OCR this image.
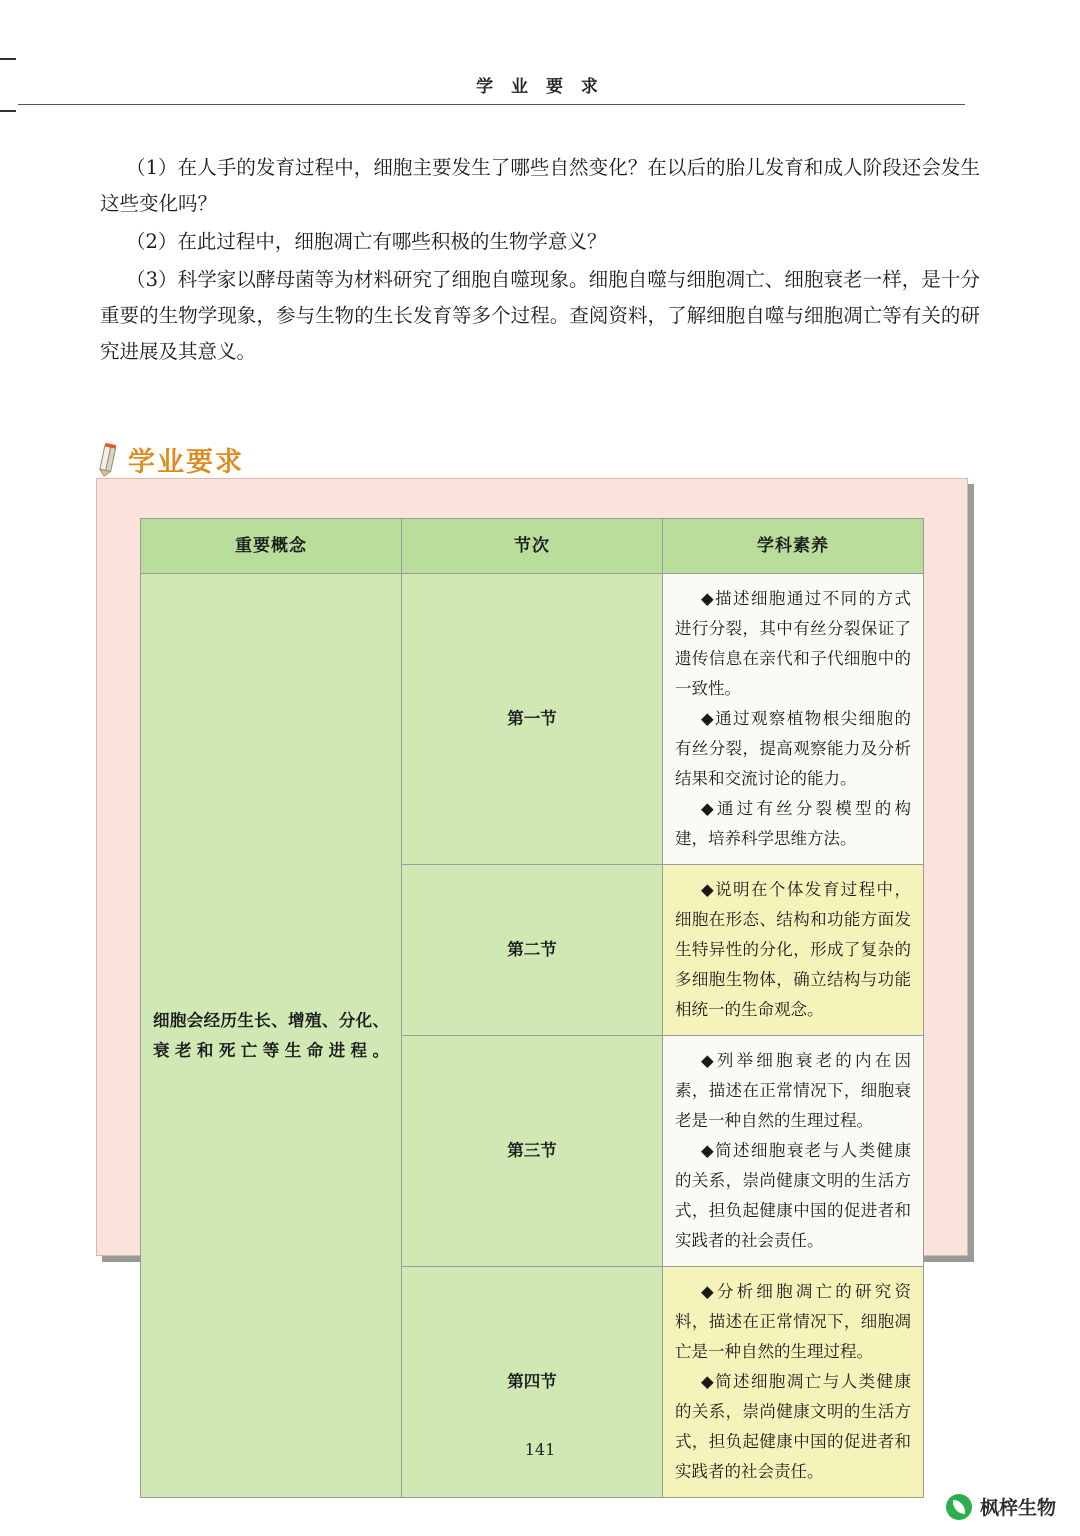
学 业 要 求

（1）在人手的发育过程中，细胞主要发生了哪些自然变化？在以后的胎儿发育和成人阶段还会发生这些变化吗？

（2）在此过程中，细胞凋亡有哪些积极的生物学意义？

（3）科学家以酵母菌等为材料研究了细胞自噬现象。细胞自噬与细胞凋亡、细胞衰老一样，是十分重要的生物学现象，参与生物的生长发育等多个过程。查阅资料，了解细胞自噬与细胞凋亡等有关的研究进展及其意义。

学业要求
重要概念	节次	学科素养
细胞会经历生长、增殖、分化、衰老和死亡等生命进程。	第一节	◆描述细胞通过不同的方式进行分裂，其中有丝分裂保证了遗传信息在亲代和子代细胞中的一致性。
◆通过观察植物根尖细胞的有丝分裂，提高观察能力及分析结果和交流讨论的能力。
◆通过有丝分裂模型的构建，培养科学思维方法。

	第二节	◆说明在个体发育过程中，细胞在形态、结构和功能方面发生特异性的分化，形成了复杂的多细胞生物体，确立结构与功能相统一的生命观念。

	第三节	◆列举细胞衰老的内在因素，描述在正常情况下，细胞衰老是一种自然的生理过程。
◆简述细胞衰老与人类健康的关系，崇尚健康文明的生活方式，担负起健康中国的促进者和实践者的社会责任。

	第四节	◆分析细胞凋亡的研究资料，描述在正常情况下，细胞凋亡是一种自然的生理过程。
◆简述细胞凋亡与人类健康的关系，崇尚健康文明的生活方式，担负起健康中国的促进者和实践者的社会责任。
141
枫梓生物
